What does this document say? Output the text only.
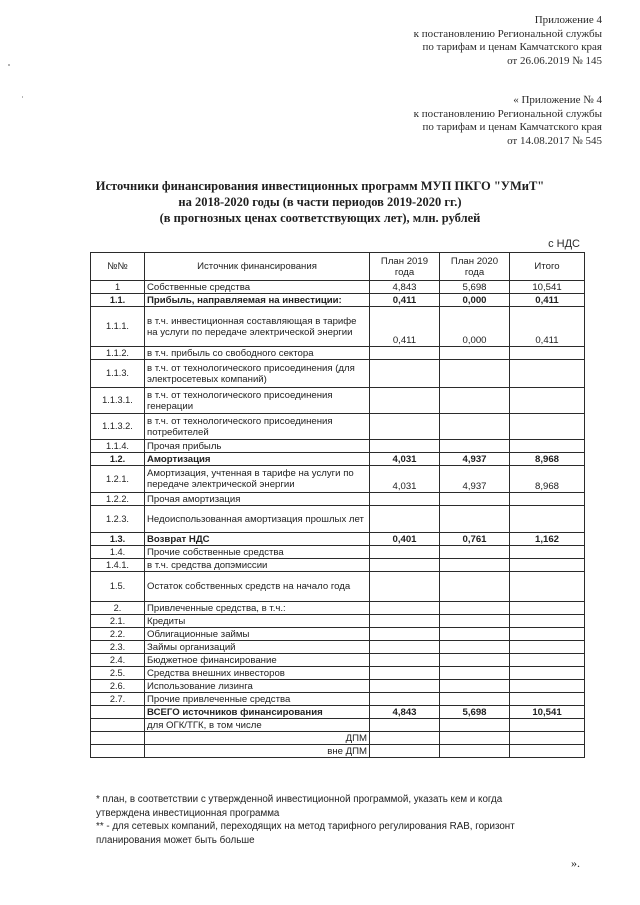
Приложение 4
к постановлению Региональной службы
по тарифам и ценам Камчатского края
от 26.06.2019 № 145
« Приложение № 4
к постановлению Региональной службы
по тарифам и ценам Камчатского края
от 14.08.2017 № 545
Источники финансирования инвестиционных программ МУП ПКГО "УМиТ"
на 2018-2020 годы (в части периодов 2019-2020 гг.)
(в прогнозных ценах соответствующих лет), млн. рублей
с НДС
№№	Источник финансирования	План 2019 года	План 2020 года	Итого
1	Собственные средства	4,843	5,698	10,541
1.1.	Прибыль, направляемая на инвестиции:	0,411	0,000	0,411
1.1.1.	в т.ч. инвестиционная составляющая в тарифе на услуги по передаче электрической энергии	0,411	0,000	0,411
1.1.2.	в т.ч. прибыль со свободного сектора			
1.1.3.	в т.ч. от технологического присоединения (для электросетевых компаний)			
1.1.3.1.	в т.ч. от технологического присоединения генерации			
1.1.3.2.	в т.ч. от технологического присоединения потребителей			
1.1.4.	Прочая прибыль			
1.2.	Амортизация	4,031	4,937	8,968
1.2.1.	Амортизация, учтенная в тарифе на услуги по передаче электрической энергии	4,031	4,937	8,968
1.2.2.	Прочая амортизация			
1.2.3.	Недоиспользованная амортизация прошлых лет			
1.3.	Возврат НДС	0,401	0,761	1,162
1.4.	Прочие собственные средства			
1.4.1.	в т.ч. средства допэмиссии			
1.5.	Остаток собственных средств на начало года			
2.	Привлеченные средства, в т.ч.:			
2.1.	Кредиты			
2.2.	Облигационные займы			
2.3.	Займы организаций			
2.4.	Бюджетное финансирование			
2.5.	Средства внешних инвесторов			
2.6.	Использование лизинга			
2.7.	Прочие привлеченные средства			
	ВСЕГО источников финансирования	4,843	5,698	10,541
	для ОГК/ТГК, в том числе			
	ДПМ			
	вне ДПМ			
* план, в соответствии с утвержденной инвестиционной программой, указать кем и когда утверждена инвестиционная программа
** - для сетевых компаний, переходящих на метод тарифного регулирования RAB, горизонт планирования может быть больше
».
